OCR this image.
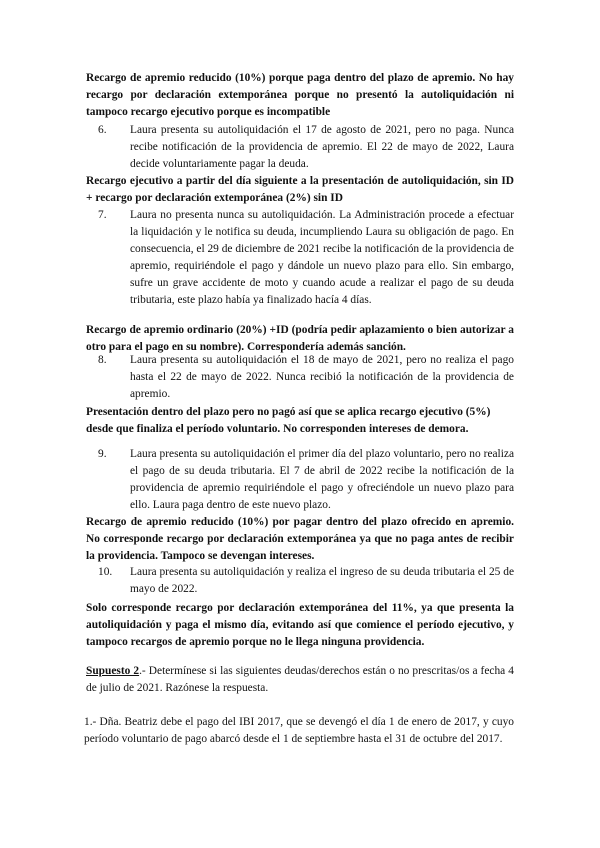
Recargo de apremio reducido (10%) porque paga dentro del plazo de apremio. No hay recargo por declaración extemporánea porque no presentó la autoliquidación ni tampoco recargo ejecutivo porque es incompatible
6.	Laura presenta su autoliquidación el 17 de agosto de 2021, pero no paga. Nunca recibe notificación de la providencia de apremio. El 22 de mayo de 2022, Laura decide voluntariamente pagar la deuda.
Recargo ejecutivo a partir del día siguiente a la presentación de autoliquidación, sin ID + recargo por declaración extemporánea (2%) sin ID
7.	Laura no presenta nunca su autoliquidación. La Administración procede a efectuar la liquidación y le notifica su deuda, incumpliendo Laura su obligación de pago. En consecuencia, el 29 de diciembre de 2021 recibe la notificación de la providencia de apremio, requiriéndole el pago y dándole un nuevo plazo para ello. Sin embargo, sufre un grave accidente de moto y cuando acude a realizar el pago de su deuda tributaria, este plazo había ya finalizado hacía 4 días.
Recargo de apremio ordinario (20%) +ID (podría pedir aplazamiento o bien autorizar a otro para el pago en su nombre). Correspondería además sanción.
8.	Laura presenta su autoliquidación el 18 de mayo de 2021, pero no realiza el pago hasta el 22 de mayo de 2022. Nunca recibió la notificación de la providencia de apremio.
Presentación dentro del plazo pero no pagó así que se aplica recargo ejecutivo (5%) desde que finaliza el período voluntario. No corresponden intereses de demora.
9.	Laura presenta su autoliquidación el primer día del plazo voluntario, pero no realiza el pago de su deuda tributaria. El 7 de abril de 2022 recibe la notificación de la providencia de apremio requiriéndole el pago y ofreciéndole un nuevo plazo para ello. Laura paga dentro de este nuevo plazo.
Recargo de apremio reducido (10%) por pagar dentro del plazo ofrecido en apremio. No corresponde recargo por declaración extemporánea ya que no paga antes de recibir la providencia. Tampoco se devengan intereses.
10.	Laura presenta su autoliquidación y realiza el ingreso de su deuda tributaria el 25 de mayo de 2022.
Solo corresponde recargo por declaración extemporánea del 11%, ya que presenta la autoliquidación y paga el mismo día, evitando así que comience el período ejecutivo, y tampoco recargos de apremio porque no le llega ninguna providencia.
Supuesto 2.- Determínese si las siguientes deudas/derechos están o no prescritas/os a fecha 4 de julio de 2021. Razónese la respuesta.
1.- Dña. Beatriz debe el pago del IBI 2017, que se devengó el día 1 de enero de 2017, y cuyo período voluntario de pago abarcó desde el 1 de septiembre hasta el 31 de octubre del 2017.
